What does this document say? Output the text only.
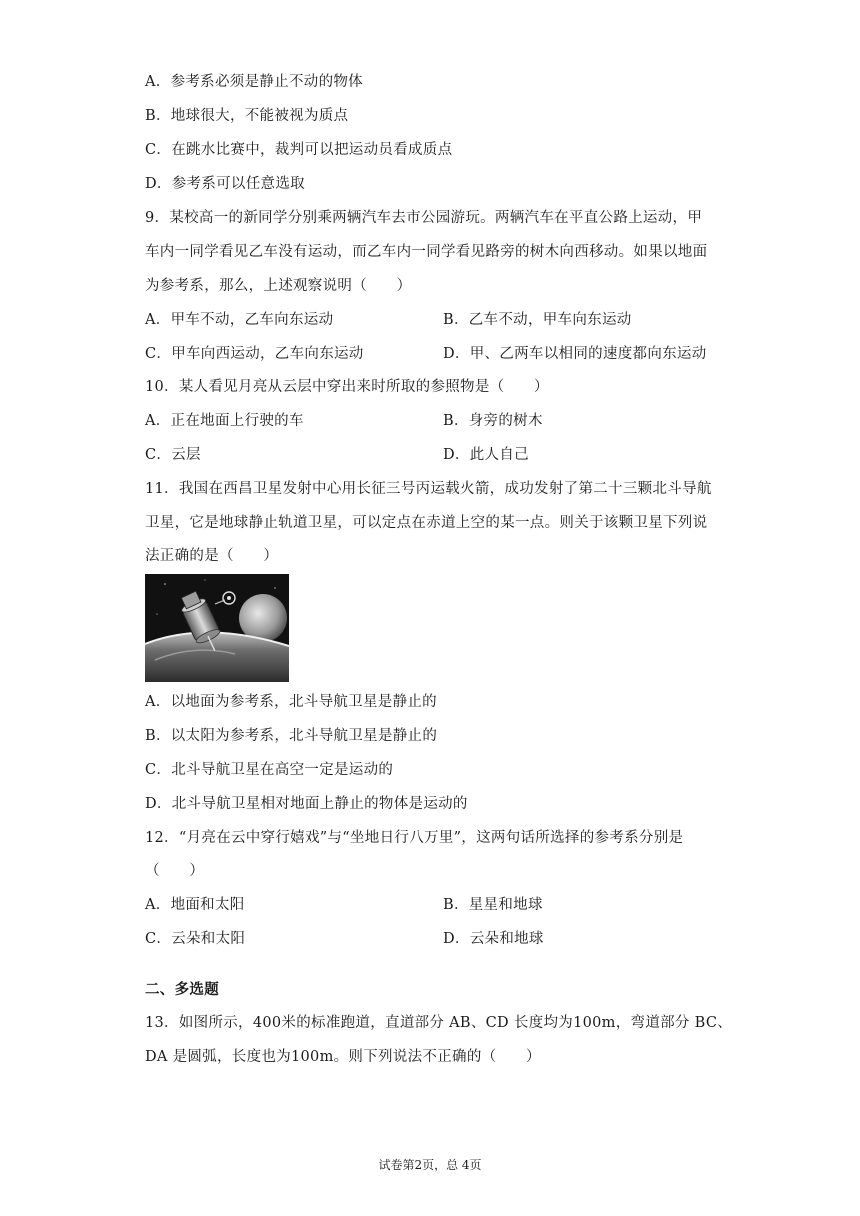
A．参考系必须是静止不动的物体
B．地球很大，不能被视为质点
C．在跳水比赛中，裁判可以把运动员看成质点
D．参考系可以任意选取
9．某校高一的新同学分别乘两辆汽车去市公园游玩。两辆汽车在平直公路上运动，甲
车内一同学看见乙车没有运动，而乙车内一同学看见路旁的树木向西移动。如果以地面
为参考系，那么，上述观察说明（　　）
A．甲车不动，乙车向东运动	B．乙车不动，甲车向东运动
C．甲车向西运动，乙车向东运动	D．甲、乙两车以相同的速度都向东运动
10．某人看见月亮从云层中穿出来时所取的参照物是（　　）
A．正在地面上行驶的车	B．身旁的树木
C．云层	D．此人自己
11．我国在西昌卫星发射中心用长征三号丙运载火箭，成功发射了第二十三颗北斗导航
卫星，它是地球静止轨道卫星，可以定点在赤道上空的某一点。则关于该颗卫星下列说
法正确的是（　　）
A．以地面为参考系，北斗导航卫星是静止的
B．以太阳为参考系，北斗导航卫星是静止的
C．北斗导航卫星在高空一定是运动的
D．北斗导航卫星相对地面上静止的物体是运动的
12．“月亮在云中穿行嬉戏”与“坐地日行八万里”，这两句话所选择的参考系分别是
（　　）
A．地面和太阳	B．星星和地球
C．云朵和太阳	D．云朵和地球
二、多选题
13．如图所示，400米的标准跑道，直道部分 AB、CD 长度均为100m，弯道部分 BC、
DA 是圆弧，长度也为100m。则下列说法不正确的（　　）
试卷第2页，总 4页
